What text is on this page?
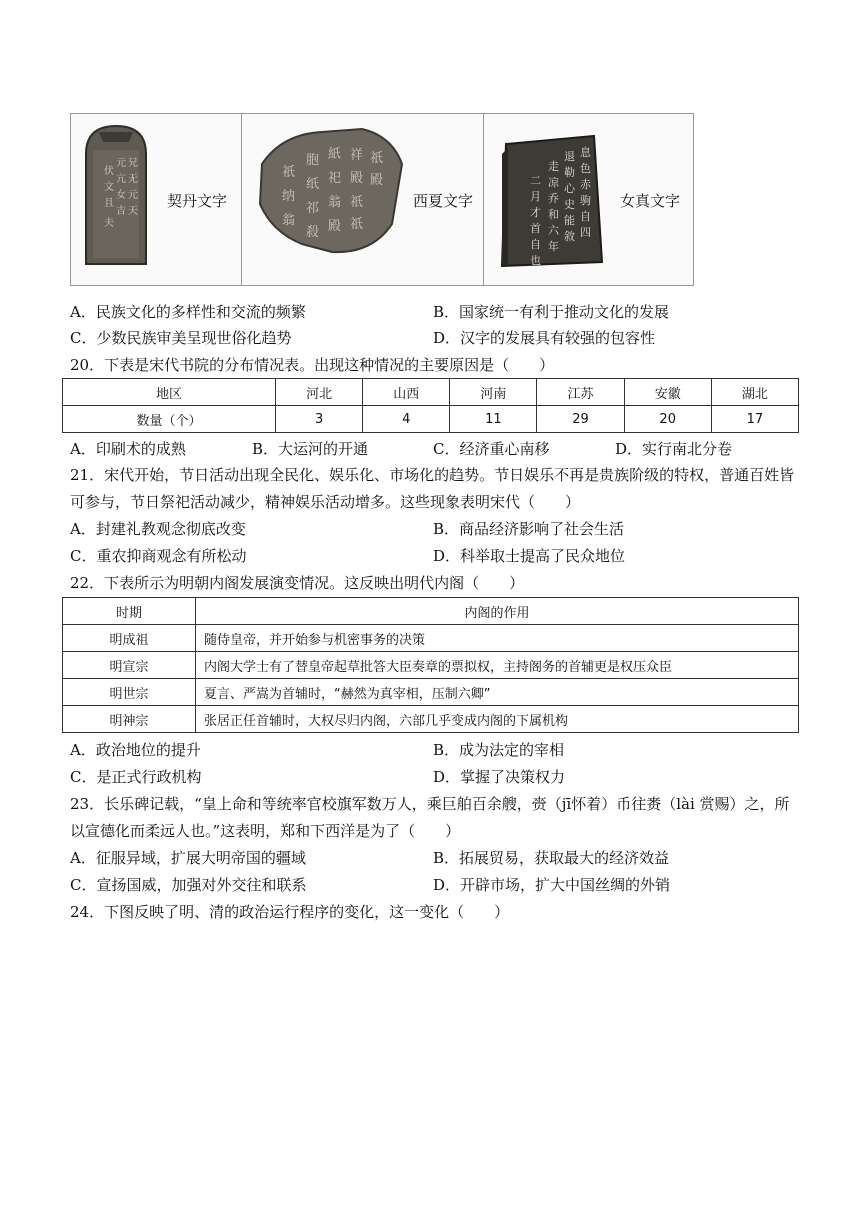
兄
无
元
天
元
亢
女
吉
伏
文
且
夫
契丹文字
祇
殿
祥
殿
祇
祇
紙
祀
翁
殿
胞
纸
祁
殺
祇
纳
翁
西夏文字
息
色
赤
驹
自
四
退
勒
心
史
能
敘
走
凉
乔
和
六
年
二
月
才
首
自
也
女真文字
A．民族文化的多样性和交流的频繁	B．国家统一有利于推动文化的发展
C．少数民族审美呈现世俗化趋势	D．汉字的发展具有较强的包容性
20．下表是宋代书院的分布情况表。出现这种情况的主要原因是（　　）
地区	河北	山西	河南	江苏	安徽	湖北
数量（个）	3	4	11	29	20	17
A．印刷术的成熟	B．大运河的开通	C．经济重心南移	D．实行南北分卷
21．宋代开始，节日活动出现全民化、娱乐化、市场化的趋势。节日娱乐不再是贵族阶级的特权，普通百姓皆
可参与，节日祭祀活动减少，精神娱乐活动增多。这些现象表明宋代（　　）
A．封建礼教观念彻底改变	B．商品经济影响了社会生活
C．重农抑商观念有所松动	D．科举取士提高了民众地位
22．下表所示为明朝内阁发展演变情况。这反映出明代内阁（　　）
时期	内阁的作用
明成祖	随侍皇帝，并开始参与机密事务的决策
明宣宗	内阁大学士有了替皇帝起草批答大臣奏章的票拟权，主持阁务的首辅更是权压众臣
明世宗	夏言、严嵩为首辅时，“赫然为真宰相，压制六卿”
明神宗	张居正任首辅时，大权尽归内阁，六部几乎变成内阁的下属机构
A．政治地位的提升	B．成为法定的宰相
C．是正式行政机构	D．掌握了决策权力
23．长乐碑记载，“皇上命和等统率官校旗军数万人，乘巨舶百余艘，赍（jī怀着）币往赉（lài 赏赐）之，所
以宣德化而柔远人也。”这表明，郑和下西洋是为了（　　）
A．征服异域，扩展大明帝国的疆域	B．拓展贸易，获取最大的经济效益
C．宣扬国威，加强对外交往和联系	D．开辟市场，扩大中国丝绸的外销
24．下图反映了明、清的政治运行程序的变化，这一变化（　　）
